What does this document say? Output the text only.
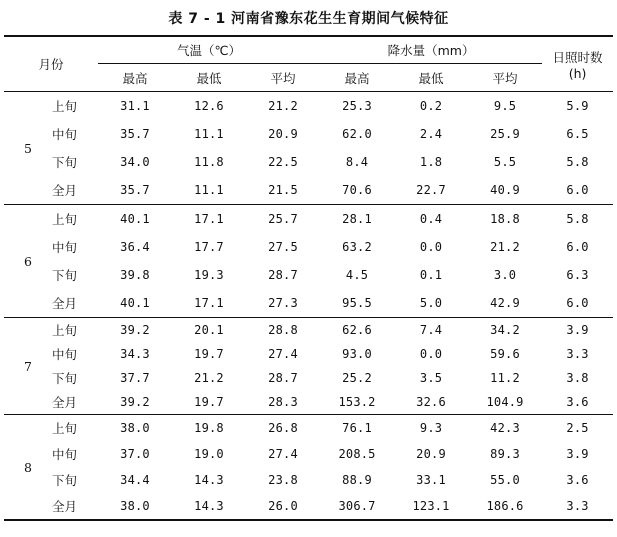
表 7 - 1 河南省豫东花生生育期间气候特征
月份		气温（℃）			降水量（mm）			日照时数
(h)

		最高	最低	平均	最高	最低	平均	
5	上旬	31.1	12.6	21.2	25.3	0.2	9.5	5.9
	中旬	35.7	11.1	20.9	62.0	2.4	25.9	6.5
	下旬	34.0	11.8	22.5	8.4	1.8	5.5	5.8
	全月	35.7	11.1	21.5	70.6	22.7	40.9	6.0
6	上旬	40.1	17.1	25.7	28.1	0.4	18.8	5.8
	中旬	36.4	17.7	27.5	63.2	0.0	21.2	6.0
	下旬	39.8	19.3	28.7	4.5	0.1	3.0	6.3
	全月	40.1	17.1	27.3	95.5	5.0	42.9	6.0
7	上旬	39.2	20.1	28.8	62.6	7.4	34.2	3.9
	中旬	34.3	19.7	27.4	93.0	0.0	59.6	3.3
	下旬	37.7	21.2	28.7	25.2	3.5	11.2	3.8
	全月	39.2	19.7	28.3	153.2	32.6	104.9	3.6
8	上旬	38.0	19.8	26.8	76.1	9.3	42.3	2.5
	中旬	37.0	19.0	27.4	208.5	20.9	89.3	3.9
	下旬	34.4	14.3	23.8	88.9	33.1	55.0	3.6
	全月	38.0	14.3	26.0	306.7	123.1	186.6	3.3
